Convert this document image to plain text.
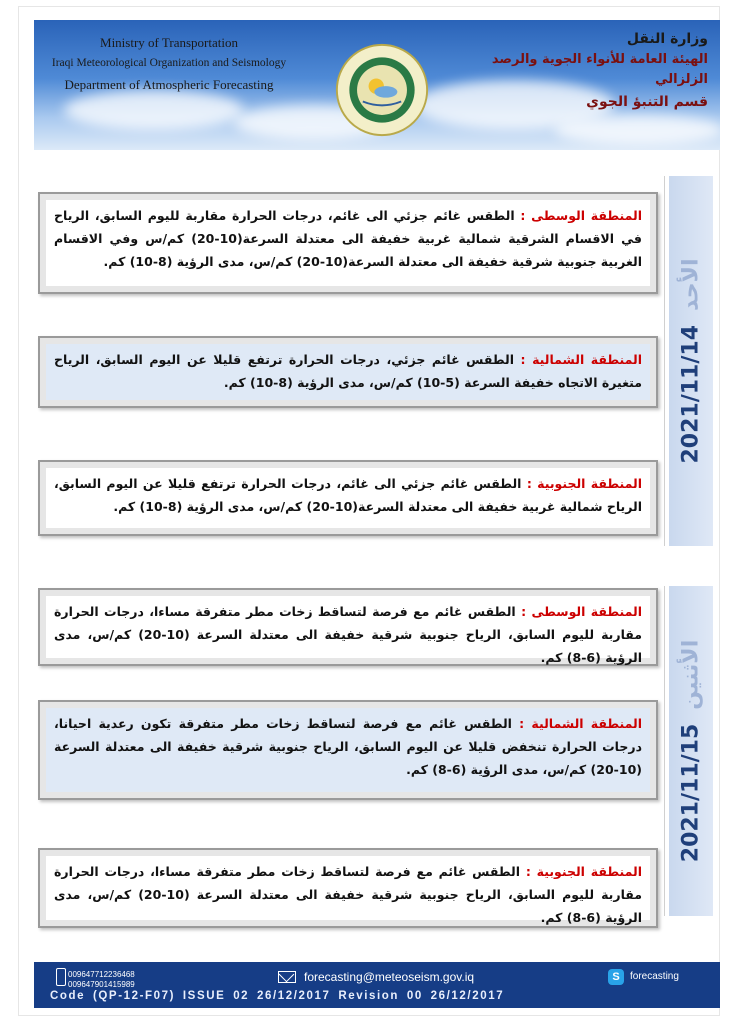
Ministry of Transportation
Iraqi Meteorological Organization and Seismology
Department of Atmospheric Forecasting
وزارة النقل
الهيئة العامة للأنواء الجوية والرصد الزلزالي
قسم التنبؤ الجوي
2021/11/14الأحد
المنطقة الوسطى : الطقس غائم جزئي الى غائم، درجات الحرارة مقاربة لليوم السابق، الرياح في الاقسام الشرقية شمالية غربية خفيفة الى معتدلة السرعة(10-20) كم/س وفي الاقسام الغربية جنوبية شرقية خفيفة الى معتدلة السرعة(10-20) كم/س، مدى الرؤية (8-10) كم.
المنطقة الشمالية : الطقس غائم جزئي، درجات الحرارة ترتفع قليلا عن اليوم السابق، الرياح متغيرة الاتجاه خفيفة السرعة (5-10) كم/س، مدى الرؤية (8-10) كم.
المنطقة الجنوبية : الطقس غائم جزئي الى غائم، درجات الحرارة ترتفع قليلا عن اليوم السابق، الرياح شمالية غربية خفيفة الى معتدلة السرعة(10-20) كم/س، مدى الرؤية (8-10) كم.
2021/11/15الأثنين
المنطقة الوسطى : الطقس غائم مع فرصة لتساقط زخات مطر متفرقة مساءا، درجات الحرارة مقاربة لليوم السابق، الرياح جنوبية شرقية خفيفة الى معتدلة السرعة (10-20) كم/س، مدى الرؤية (6-8) كم.
المنطقة الشمالية : الطقس غائم مع فرصة لتساقط زخات مطر متفرقة تكون رعدية احيانا، درجات الحرارة تنخفض قليلا عن اليوم السابق، الرياح جنوبية شرقية خفيفة الى معتدلة السرعة (10-20) كم/س، مدى الرؤية (6-8) كم.
المنطقة الجنوبية : الطقس غائم مع فرصة لتساقط زخات مطر متفرقة مساءا، درجات الحرارة مقاربة لليوم السابق، الرياح جنوبية شرقية خفيفة الى معتدلة السرعة (10-20) كم/س، مدى الرؤية (6-8) كم.
009647712236468
009647901415989
forecasting@meteoseism.gov.iq	S	forecasting
Code (QP-12-F07) ISSUE 02 26/12/2017 Revision 00 26/12/2017
